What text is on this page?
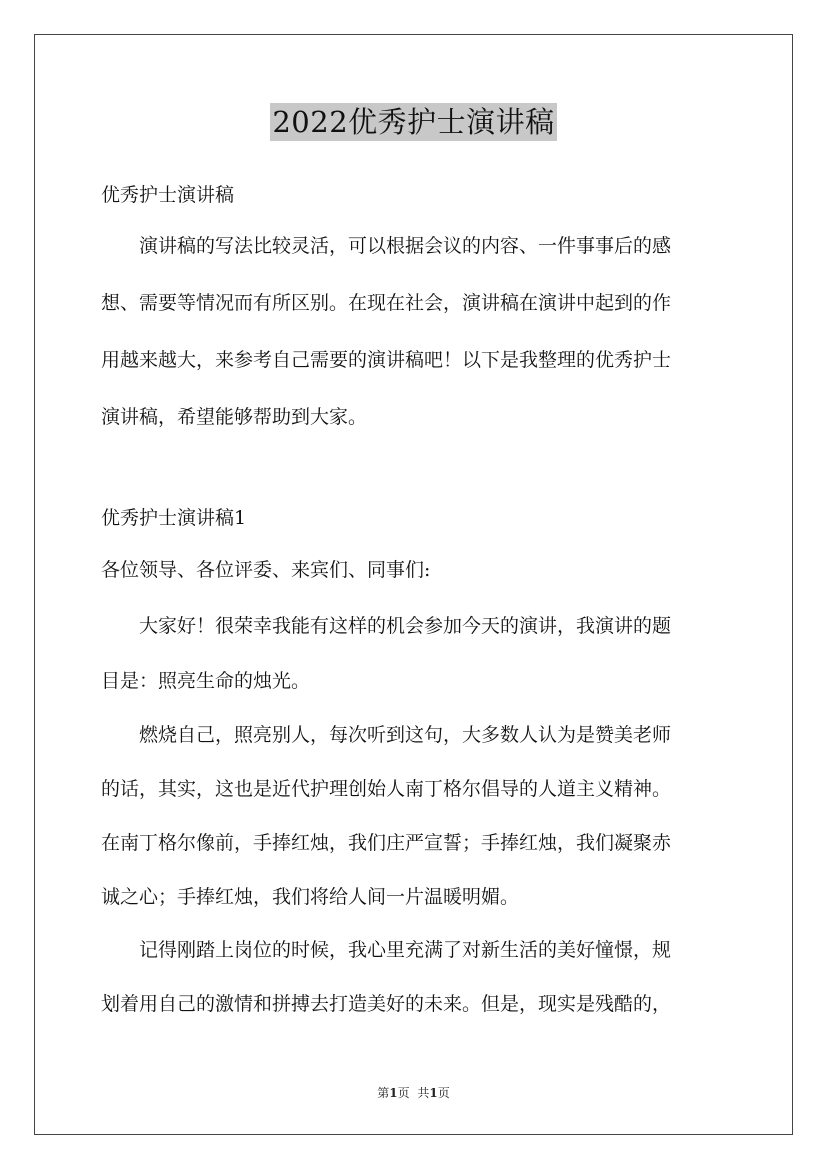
2022优秀护士演讲稿
优秀护士演讲稿
演讲稿的写法比较灵活，可以根据会议的内容、一件事事后的感
想、需要等情况而有所区别。在现在社会，演讲稿在演讲中起到的作
用越来越大，来参考自己需要的演讲稿吧！以下是我整理的优秀护士
演讲稿，希望能够帮助到大家。
优秀护士演讲稿1
各位领导、各位评委、来宾们、同事们:
大家好！很荣幸我能有这样的机会参加今天的演讲，我演讲的题
目是：照亮生命的烛光。
燃烧自己，照亮别人，每次听到这句，大多数人认为是赞美老师
的话，其实，这也是近代护理创始人南丁格尔倡导的人道主义精神。
在南丁格尔像前，手捧红烛，我们庄严宣誓；手捧红烛，我们凝聚赤
诚之心；手捧红烛，我们将给人间一片温暖明媚。
记得刚踏上岗位的时候，我心里充满了对新生活的美好憧憬，规
划着用自己的激情和拼搏去打造美好的未来。但是，现实是残酷的，
第1页 共1页
